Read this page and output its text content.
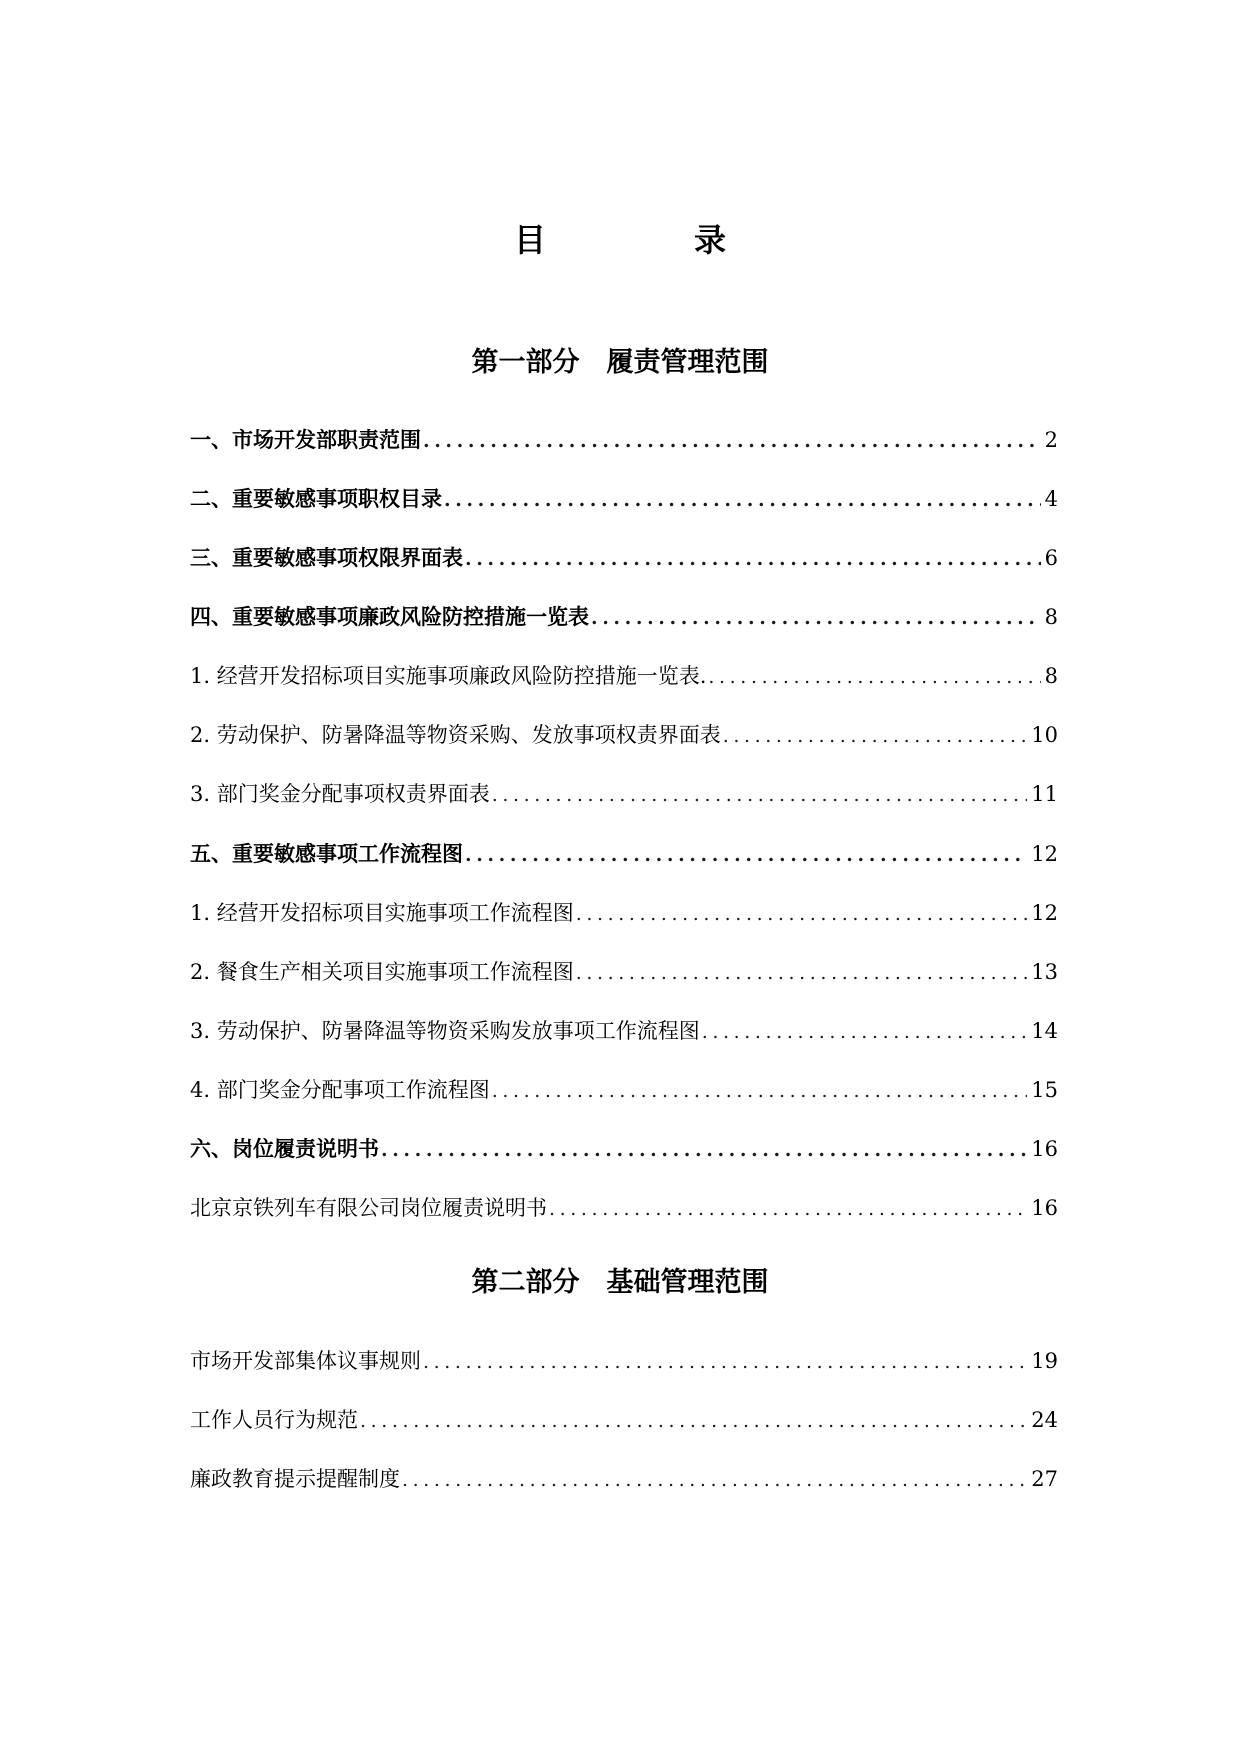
目　录
第一部分　履责管理范围
一、市场开发部职责范围 .....	2
二、重要敏感事项职权目录 .....	4
三、重要敏感事项权限界面表 .....	6
四、重要敏感事项廉政风险防控措施一览表 .....	8
1. 经营开发招标项目实施事项廉政风险防控措施一览表. .....	8
2. 劳动保护、防暑降温等物资采购、发放事项权责界面表 .....	10
3. 部门奖金分配事项权责界面表 .....	11
五、重要敏感事项工作流程图 .....	12
1. 经营开发招标项目实施事项工作流程图 .....	12
2. 餐食生产相关项目实施事项工作流程图 .....	13
3. 劳动保护、防暑降温等物资采购发放事项工作流程图 .....	14
4. 部门奖金分配事项工作流程图 .....	15
六、岗位履责说明书 .....	16
北京京铁列车有限公司岗位履责说明书 .....	16
第二部分　基础管理范围
市场开发部集体议事规则 .....	19
工作人员行为规范 .....	24
廉政教育提示提醒制度 .....	27
